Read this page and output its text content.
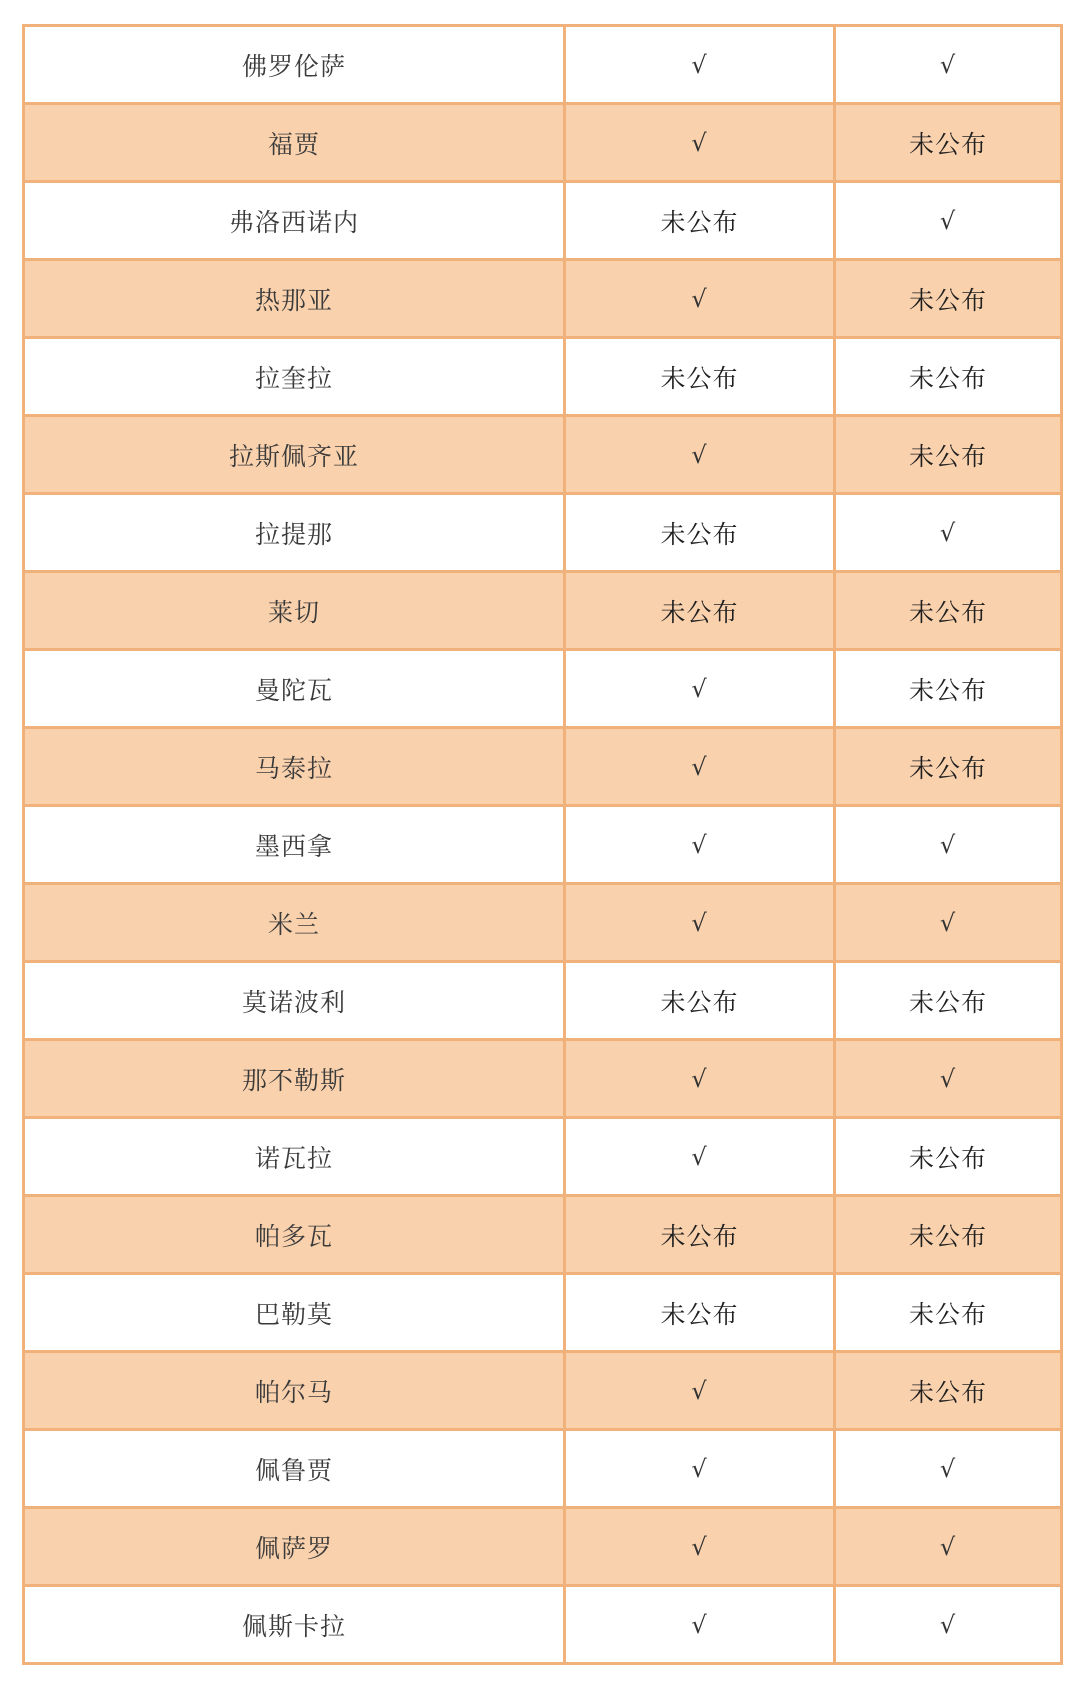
佛罗伦萨	√	√
福贾	√	未公布
弗洛西诺内	未公布	√
热那亚	√	未公布
拉奎拉	未公布	未公布
拉斯佩齐亚	√	未公布
拉提那	未公布	√
莱切	未公布	未公布
曼陀瓦	√	未公布
马泰拉	√	未公布
墨西拿	√	√
米兰	√	√
莫诺波利	未公布	未公布
那不勒斯	√	√
诺瓦拉	√	未公布
帕多瓦	未公布	未公布
巴勒莫	未公布	未公布
帕尔马	√	未公布
佩鲁贾	√	√
佩萨罗	√	√
佩斯卡拉	√	√
